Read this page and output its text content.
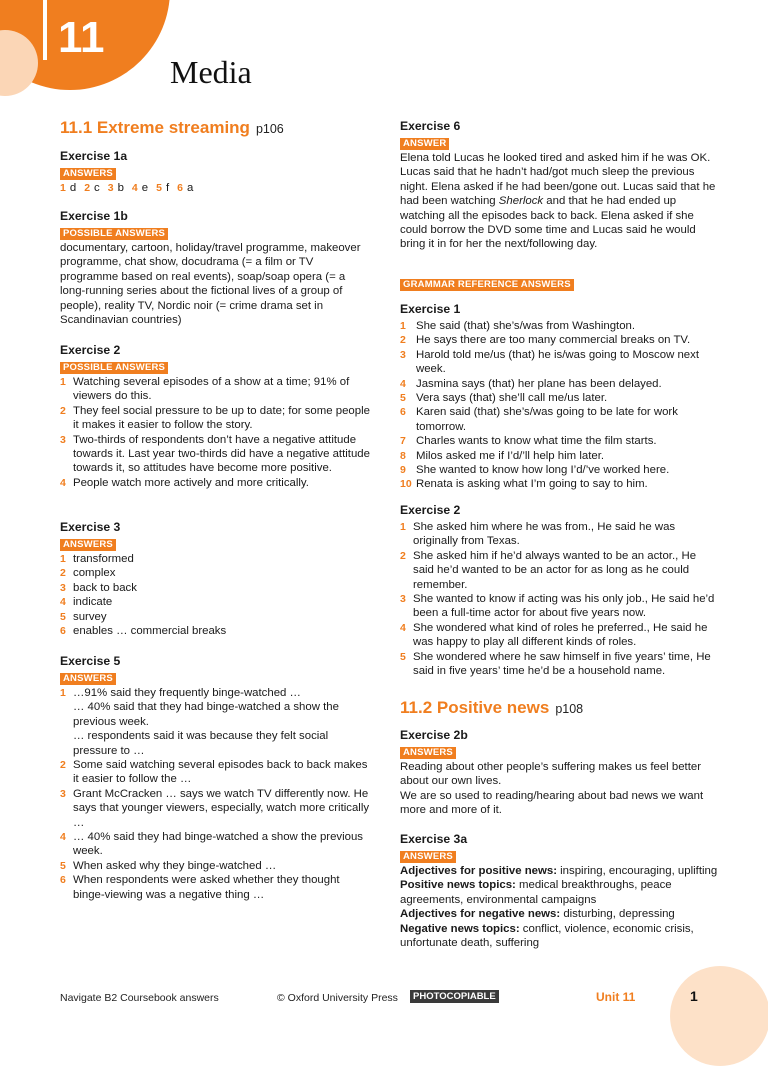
11
Media
11.1 Extreme streaming p106
Exercise 1a
ANSWERS
1 d 2 c 3 b 4 e 5 f 6 a
Exercise 1b
POSSIBLE ANSWERS

documentary, cartoon, holiday/travel programme, makeover programme, chat show, docudrama (= a film or TV programme based on real events), soap/soap opera (= a long-running series about the fictional lives of a group of people), reality TV, Nordic noir (= crime drama set in Scandinavian countries)

Exercise 2
POSSIBLE ANSWERS
1 Watching several episodes of a show at a time; 91% of viewers do this.
2 They feel social pressure to be up to date; for some people it makes it easier to follow the story.
3 Two-thirds of respondents don’t have a negative attitude towards it. Last year two-thirds did have a negative attitude towards it, so attitudes have become more positive.
4 People watch more actively and more critically.
Exercise 3
ANSWERS
1 transformed
2 complex
3 back to back
4 indicate
5 survey
6 enables … commercial breaks
Exercise 5
ANSWERS
1 …91% said they frequently binge-watched …
… 40% said that they had binge-watched a show the previous week.
… respondents said it was because they felt social pressure to …
2 Some said watching several episodes back to back makes it easier to follow the …
3 Grant McCracken … says we watch TV differently now. He says that younger viewers, especially, watch more critically …
4 … 40% said they had binge-watched a show the previous week.
5 When asked why they binge-watched …
6 When respondents were asked whether they thought binge-viewing was a negative thing …
Exercise 6
ANSWER

Elena told Lucas he looked tired and asked him if he was OK. Lucas said that he hadn’t had/got much sleep the previous night. Elena asked if he had been/gone out. Lucas said that he had been watching Sherlock and that he had ended up watching all the episodes back to back. Elena asked if she could borrow the DVD some time and Lucas said he would bring it in for her the next/following day.

GRAMMAR REFERENCE ANSWERS
Exercise 1
1 She said (that) she’s/was from Washington.
2 He says there are too many commercial breaks on TV.
3 Harold told me/us (that) he is/was going to Moscow next week.
4 Jasmina says (that) her plane has been delayed.
5 Vera says (that) she’ll call me/us later.
6 Karen said (that) she’s/was going to be late for work tomorrow.
7 Charles wants to know what time the film starts.
8 Milos asked me if I’d/’ll help him later.
9 She wanted to know how long I’d/’ve worked here.
10 Renata is asking what I’m going to say to him.
Exercise 2
1 She asked him where he was from., He said he was originally from Texas.
2 She asked him if he’d always wanted to be an actor., He said he’d wanted to be an actor for as long as he could remember.
3 She wanted to know if acting was his only job., He said he’d been a full-time actor for about five years now.
4 She wondered what kind of roles he preferred., He said he was happy to play all different kinds of roles.
5 She wondered where he saw himself in five years’ time, He said in five years’ time he’d be a household name.
11.2 Positive news p108
Exercise 2b
ANSWERS

Reading about other people’s suffering makes us feel better about our own lives.

We are so used to reading/hearing about bad news we want more and more of it.

Exercise 3a
ANSWERS
Adjectives for positive news: inspiring, encouraging, uplifting
Positive news topics: medical breakthroughs, peace agreements, environmental campaigns
Adjectives for negative news: disturbing, depressing
Negative news topics: conflict, violence, economic crisis, unfortunate death, suffering
Navigate B2 Coursebook answers	© Oxford University Press	PHOTOCOPIABLE	Unit 11	1
